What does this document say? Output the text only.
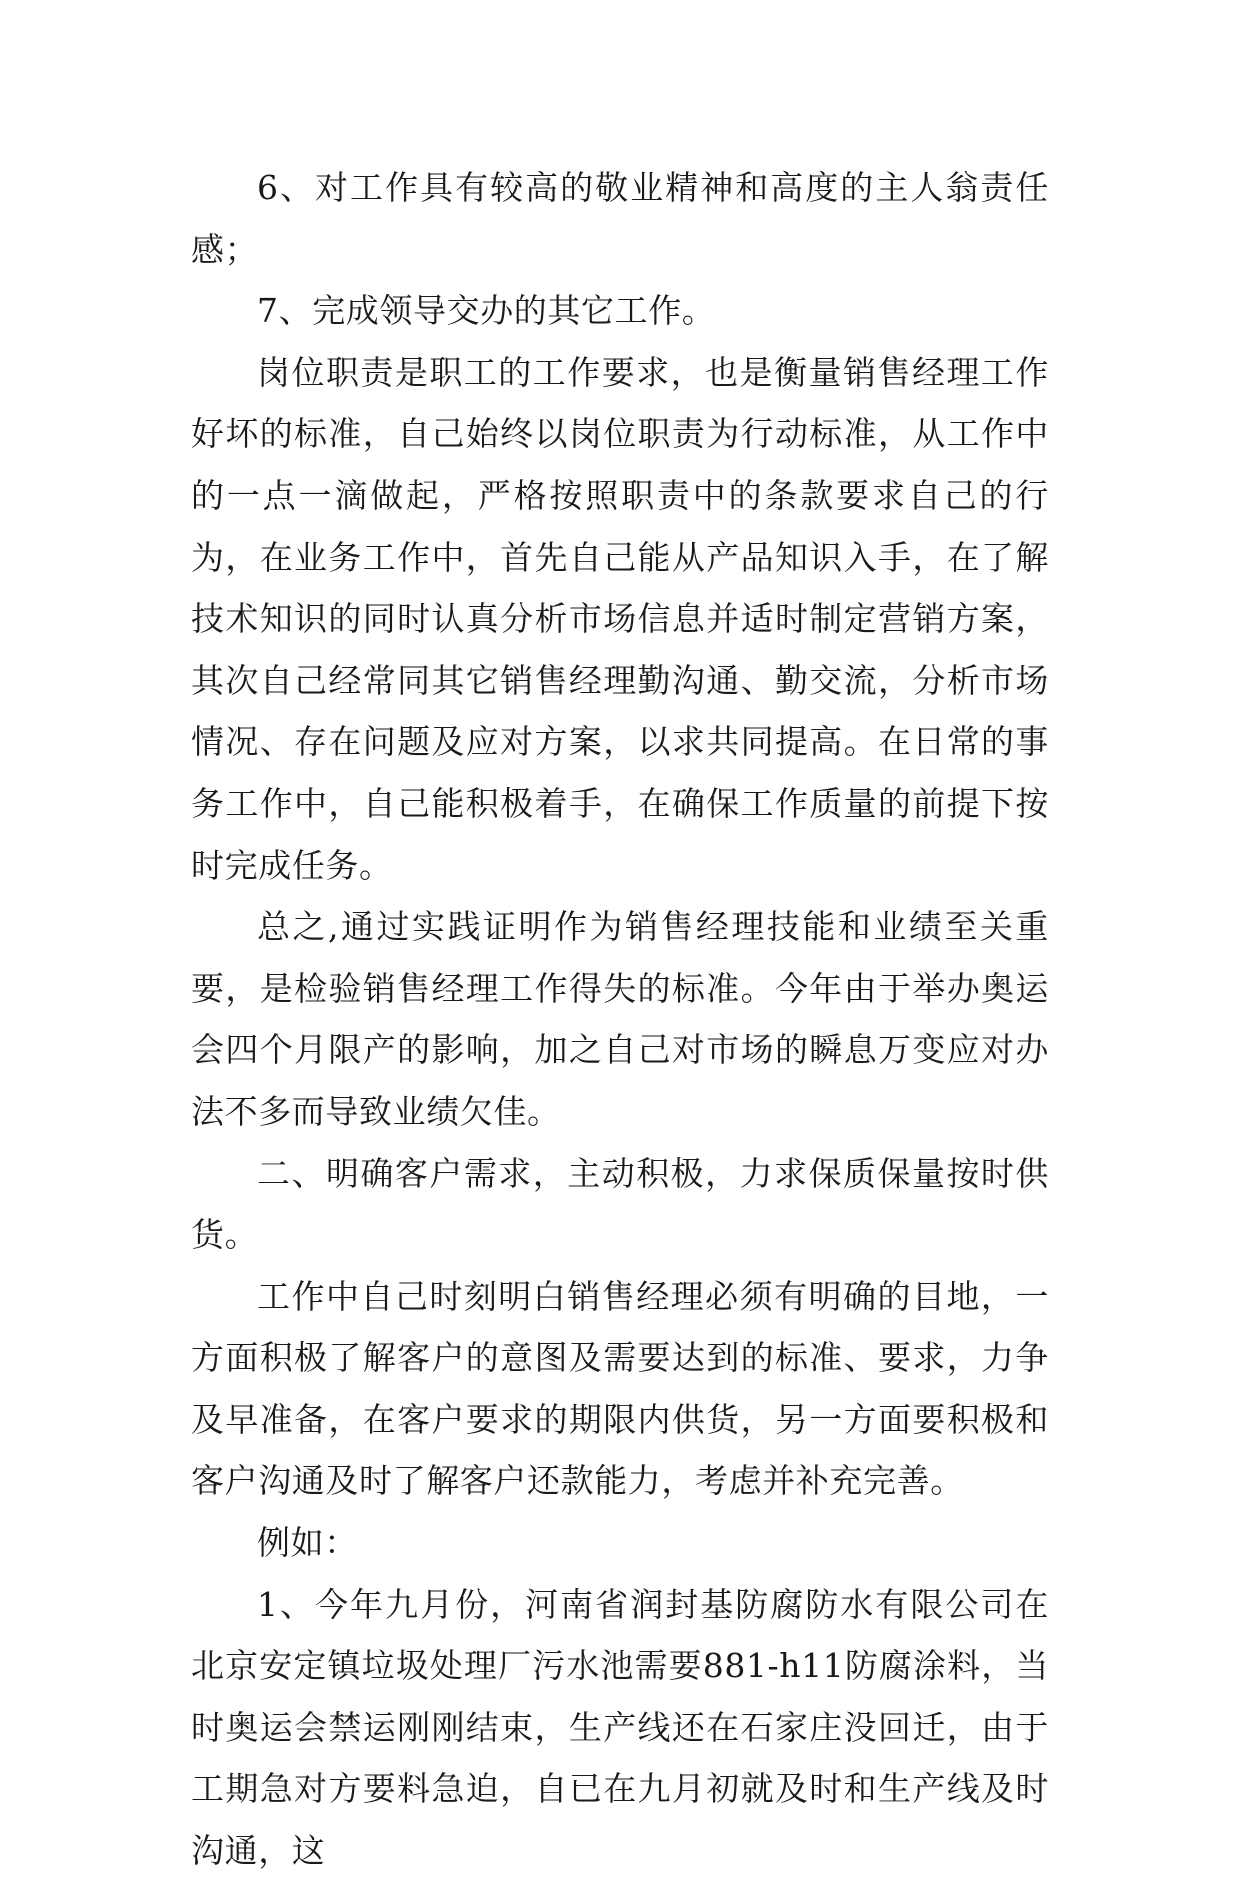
6、对工作具有较高的敬业精神和高度的主人翁责任感；

7、完成领导交办的其它工作。

岗位职责是职工的工作要求，也是衡量销售经理工作好坏的标准，自己始终以岗位职责为行动标准，从工作中的一点一滴做起，严格按照职责中的条款要求自己的行为，在业务工作中，首先自己能从产品知识入手，在了解技术知识的同时认真分析市场信息并适时制定营销方案，其次自己经常同其它销售经理勤沟通、勤交流，分析市场情况、存在问题及应对方案，以求共同提高。在日常的事务工作中，自己能积极着手，在确保工作质量的前提下按时完成任务。

总之,通过实践证明作为销售经理技能和业绩至关重要，是检验销售经理工作得失的标准。今年由于举办奥运会四个月限产的影响，加之自己对市场的瞬息万变应对办法不多而导致业绩欠佳。

二、明确客户需求，主动积极，力求保质保量按时供货。

工作中自己时刻明白销售经理必须有明确的目地，一方面积极了解客户的意图及需要达到的标准、要求，力争及早准备，在客户要求的期限内供货，另一方面要积极和客户沟通及时了解客户还款能力，考虑并补充完善。

例如：

1、今年九月份，河南省润封基防腐防水有限公司在北京安定镇垃圾处理厂污水池需要881-h11防腐涂料，当时奥运会禁运刚刚结束，生产线还在石家庄没回迁，由于工期急对方要料急迫，自已在九月初就及时和生产线及时沟通，这
